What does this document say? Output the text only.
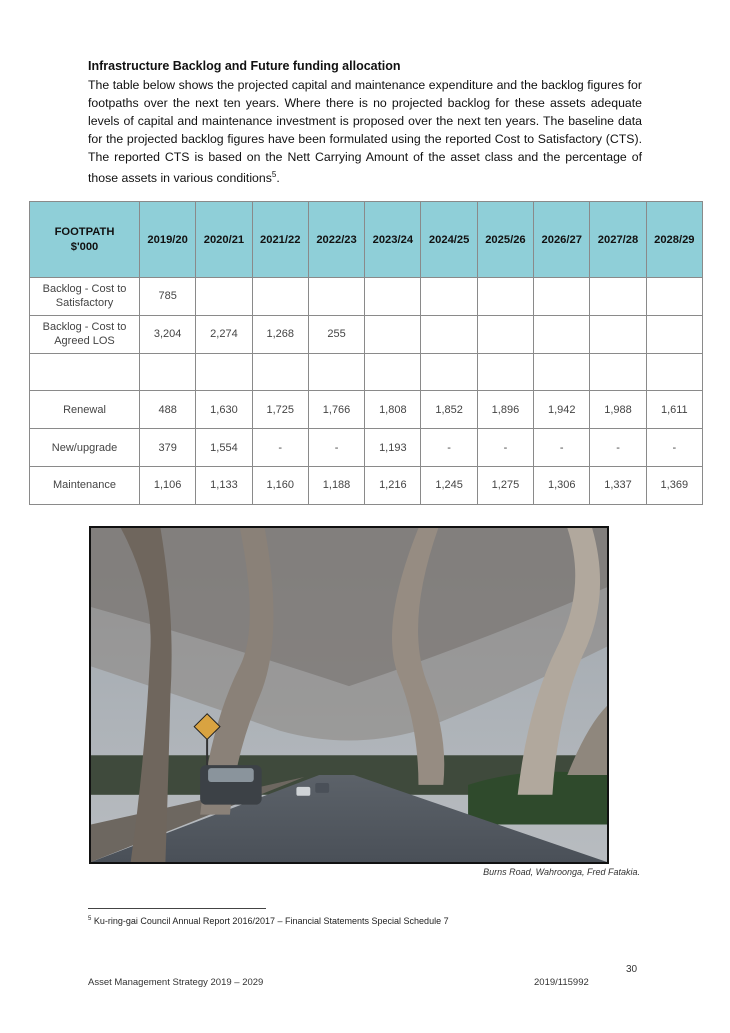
Infrastructure Backlog and Future funding allocation
The table below shows the projected capital and maintenance expenditure and the backlog figures for footpaths over the next ten years. Where there is no projected backlog for these assets adequate levels of capital and maintenance investment is proposed over the next ten years. The baseline data for the projected backlog figures have been formulated using the reported Cost to Satisfactory (CTS). The reported CTS is based on the Nett Carrying Amount of the asset class and the percentage of those assets in various conditions$^5$.
FOOTPATH
$'000	2019/20	2020/21	2021/22	2022/23	2023/24	2024/25	2025/26	2026/27	2027/28	2028/29
Backlog - Cost to
Satisfactory	785									
Backlog - Cost to
Agreed LOS	3,204	2,274	1,268	255						

Renewal	488	1,630	1,725	1,766	1,808	1,852	1,896	1,942	1,988	1,611
New/upgrade	379	1,554	-	-	1,193	-	-	-	-	-
Maintenance	1,106	1,133	1,160	1,188	1,216	1,245	1,275	1,306	1,337	1,369
Burns Road, Wahroonga, Fred Fatakia.
$^5$ Ku-ring-gai Council Annual Report 2016/2017 – Financial Statements Special Schedule 7
30
Asset Management Strategy 2019 – 2029	2019/115992
